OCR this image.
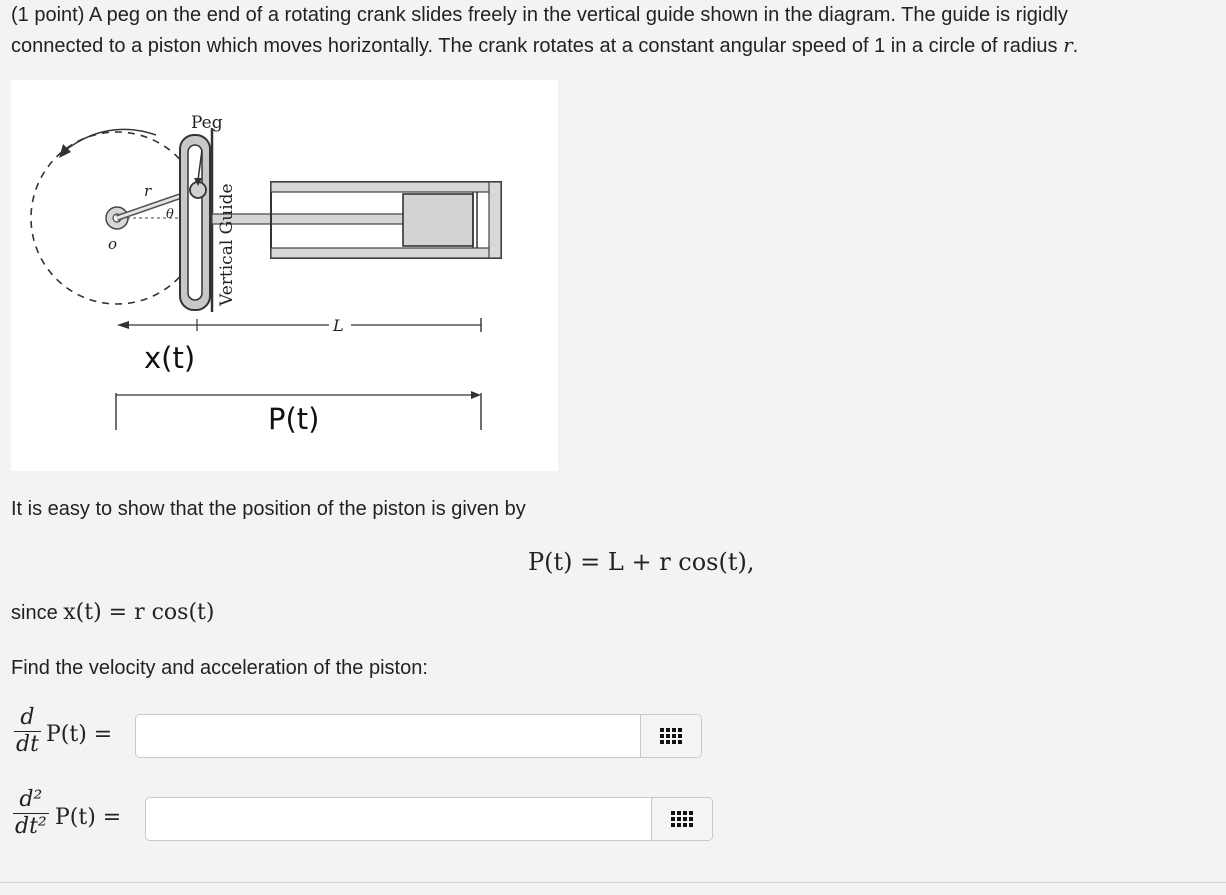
(1 point) A peg on the end of a rotating crank slides freely in the vertical guide shown in the diagram. The guide is rigidly
connected to a piston which moves horizontally. The crank rotates at a constant angular speed of 1 in a circle of radius r.
Peg
Vertical Guide
r
θ
o
L
x(t)
P(t)
It is easy to show that the position of the piston is given by
P(t) = L + r cos(t),
since x(t) = r cos(t)
Find the velocity and acceleration of the piston:
d
dt P(t) =
d²
dt² P(t) =
